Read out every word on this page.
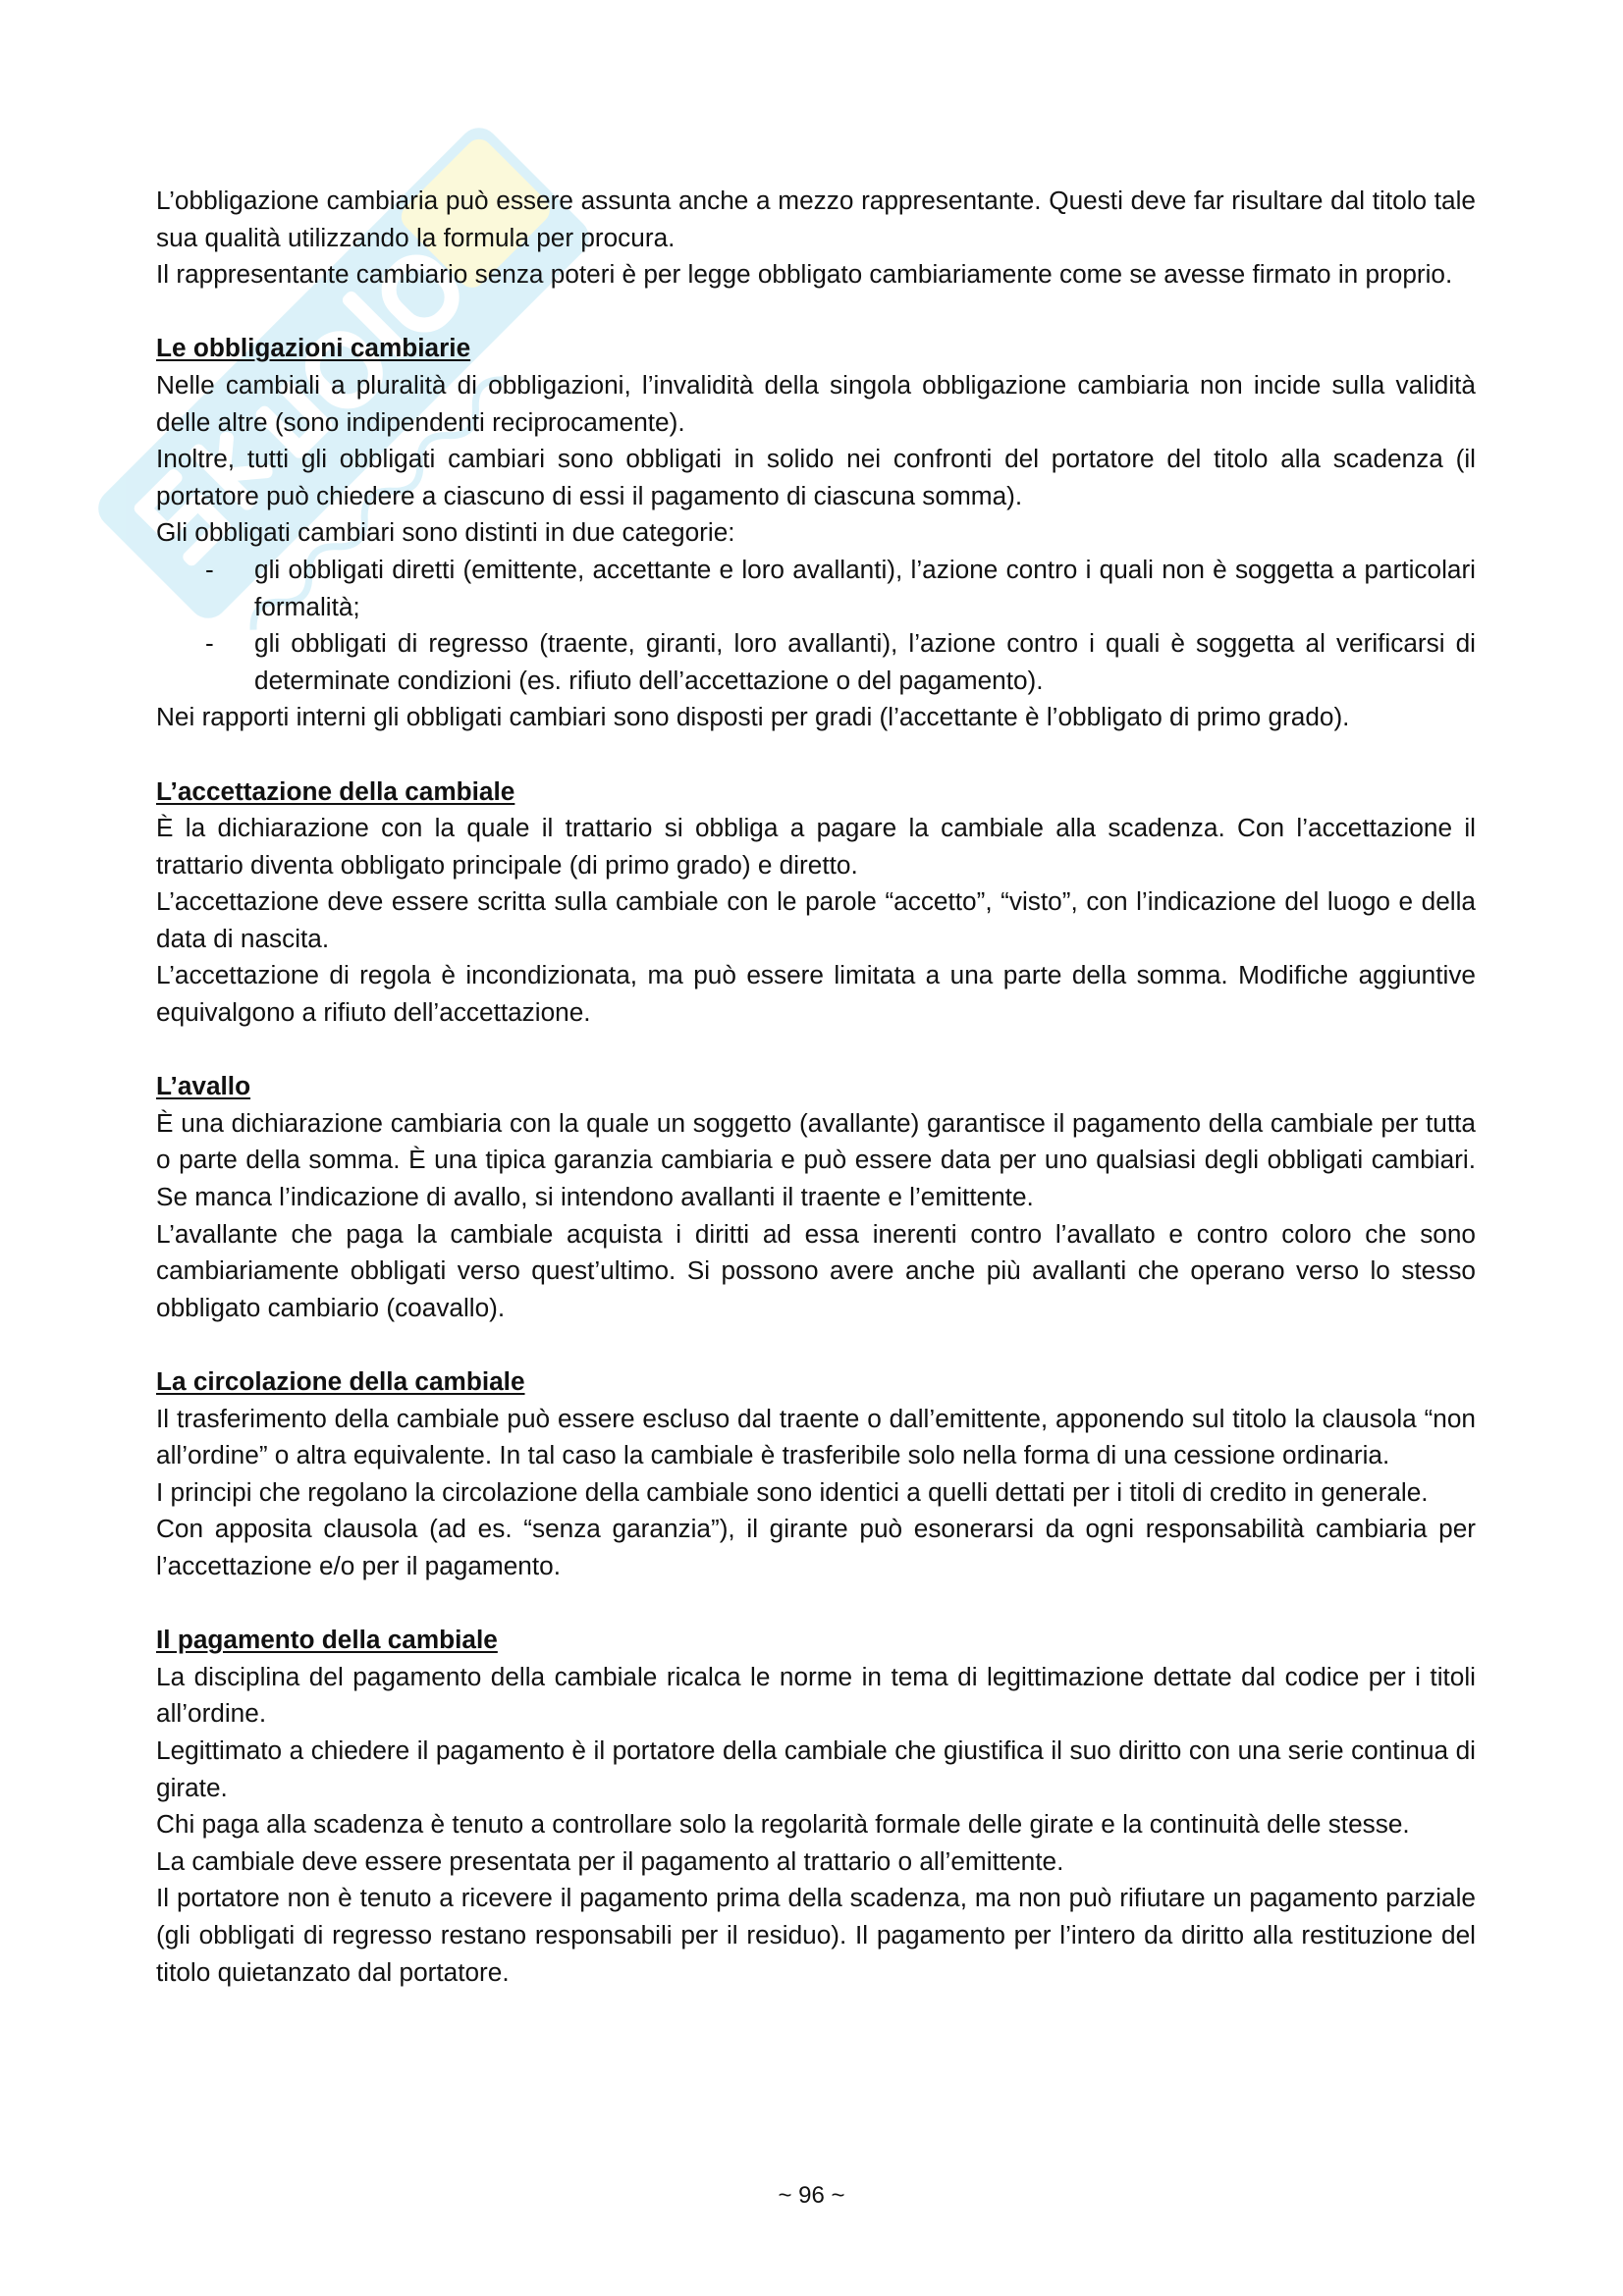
L’obbligazione cambiaria può essere assunta anche a mezzo rappresentante. Questi deve far risultare dal titolo tale sua qualità utilizzando la formula per procura.

Il rappresentante cambiario senza poteri è per legge obbligato cambiariamente come se avesse firmato in proprio.

Le obbligazioni cambiarie

Nelle cambiali a pluralità di obbligazioni, l’invalidità della singola obbligazione cambiaria non incide sulla validità delle altre (sono indipendenti reciprocamente).

Inoltre, tutti gli obbligati cambiari sono obbligati in solido nei confronti del portatore del titolo alla scadenza (il portatore può chiedere a ciascuno di essi il pagamento di ciascuna somma).

Gli obbligati cambiari sono distinti in due categorie:

- gli obbligati diretti (emittente, accettante e loro avallanti), l’azione contro i quali non è soggetta a particolari formalità;
- gli obbligati di regresso (traente, giranti, loro avallanti), l’azione contro i quali è soggetta al verificarsi di determinate condizioni (es. rifiuto dell’accettazione o del pagamento).

Nei rapporti interni gli obbligati cambiari sono disposti per gradi (l’accettante è l’obbligato di primo grado).

L’accettazione della cambiale

È la dichiarazione con la quale il trattario si obbliga a pagare la cambiale alla scadenza. Con l’accettazione il trattario diventa obbligato principale (di primo grado) e diretto.

L’accettazione deve essere scritta sulla cambiale con le parole “accetto”, “visto”, con l’indicazione del luogo e della data di nascita.

L’accettazione di regola è incondizionata, ma può essere limitata a una parte della somma. Modifiche aggiuntive equivalgono a rifiuto dell’accettazione.

L’avallo

È una dichiarazione cambiaria con la quale un soggetto (avallante) garantisce il pagamento della cambiale per tutta o parte della somma. È una tipica garanzia cambiaria e può essere data per uno qualsiasi degli obbligati cambiari. Se manca l’indicazione di avallo, si intendono avallanti il traente e l’emittente.

L’avallante che paga la cambiale acquista i diritti ad essa inerenti contro l’avallato e contro coloro che sono cambiariamente obbligati verso quest’ultimo. Si possono avere anche più avallanti che operano verso lo stesso obbligato cambiario (coavallo).

La circolazione della cambiale

Il trasferimento della cambiale può essere escluso dal traente o dall’emittente, apponendo sul titolo la clausola “non all’ordine” o altra equivalente. In tal caso la cambiale è trasferibile solo nella forma di una cessione ordinaria.

I principi che regolano la circolazione della cambiale sono identici a quelli dettati per i titoli di credito in generale.

Con apposita clausola (ad es. “senza garanzia”), il girante può esonerarsi da ogni responsabilità cambiaria per l’accettazione e/o per il pagamento.

Il pagamento della cambiale

La disciplina del pagamento della cambiale ricalca le norme in tema di legittimazione dettate dal codice per i titoli all’ordine.

Legittimato a chiedere il pagamento è il portatore della cambiale che giustifica il suo diritto con una serie continua di girate.

Chi paga alla scadenza è tenuto a controllare solo la regolarità formale delle girate e la continuità delle stesse.

La cambiale deve essere presentata per il pagamento al trattario o all’emittente.

Il portatore non è tenuto a ricevere il pagamento prima della scadenza, ma non può rifiutare un pagamento parziale (gli obbligati di regresso restano responsabili per il residuo). Il pagamento per l’intero da diritto alla restituzione del titolo quietanzato dal portatore.

~ 96 ~
